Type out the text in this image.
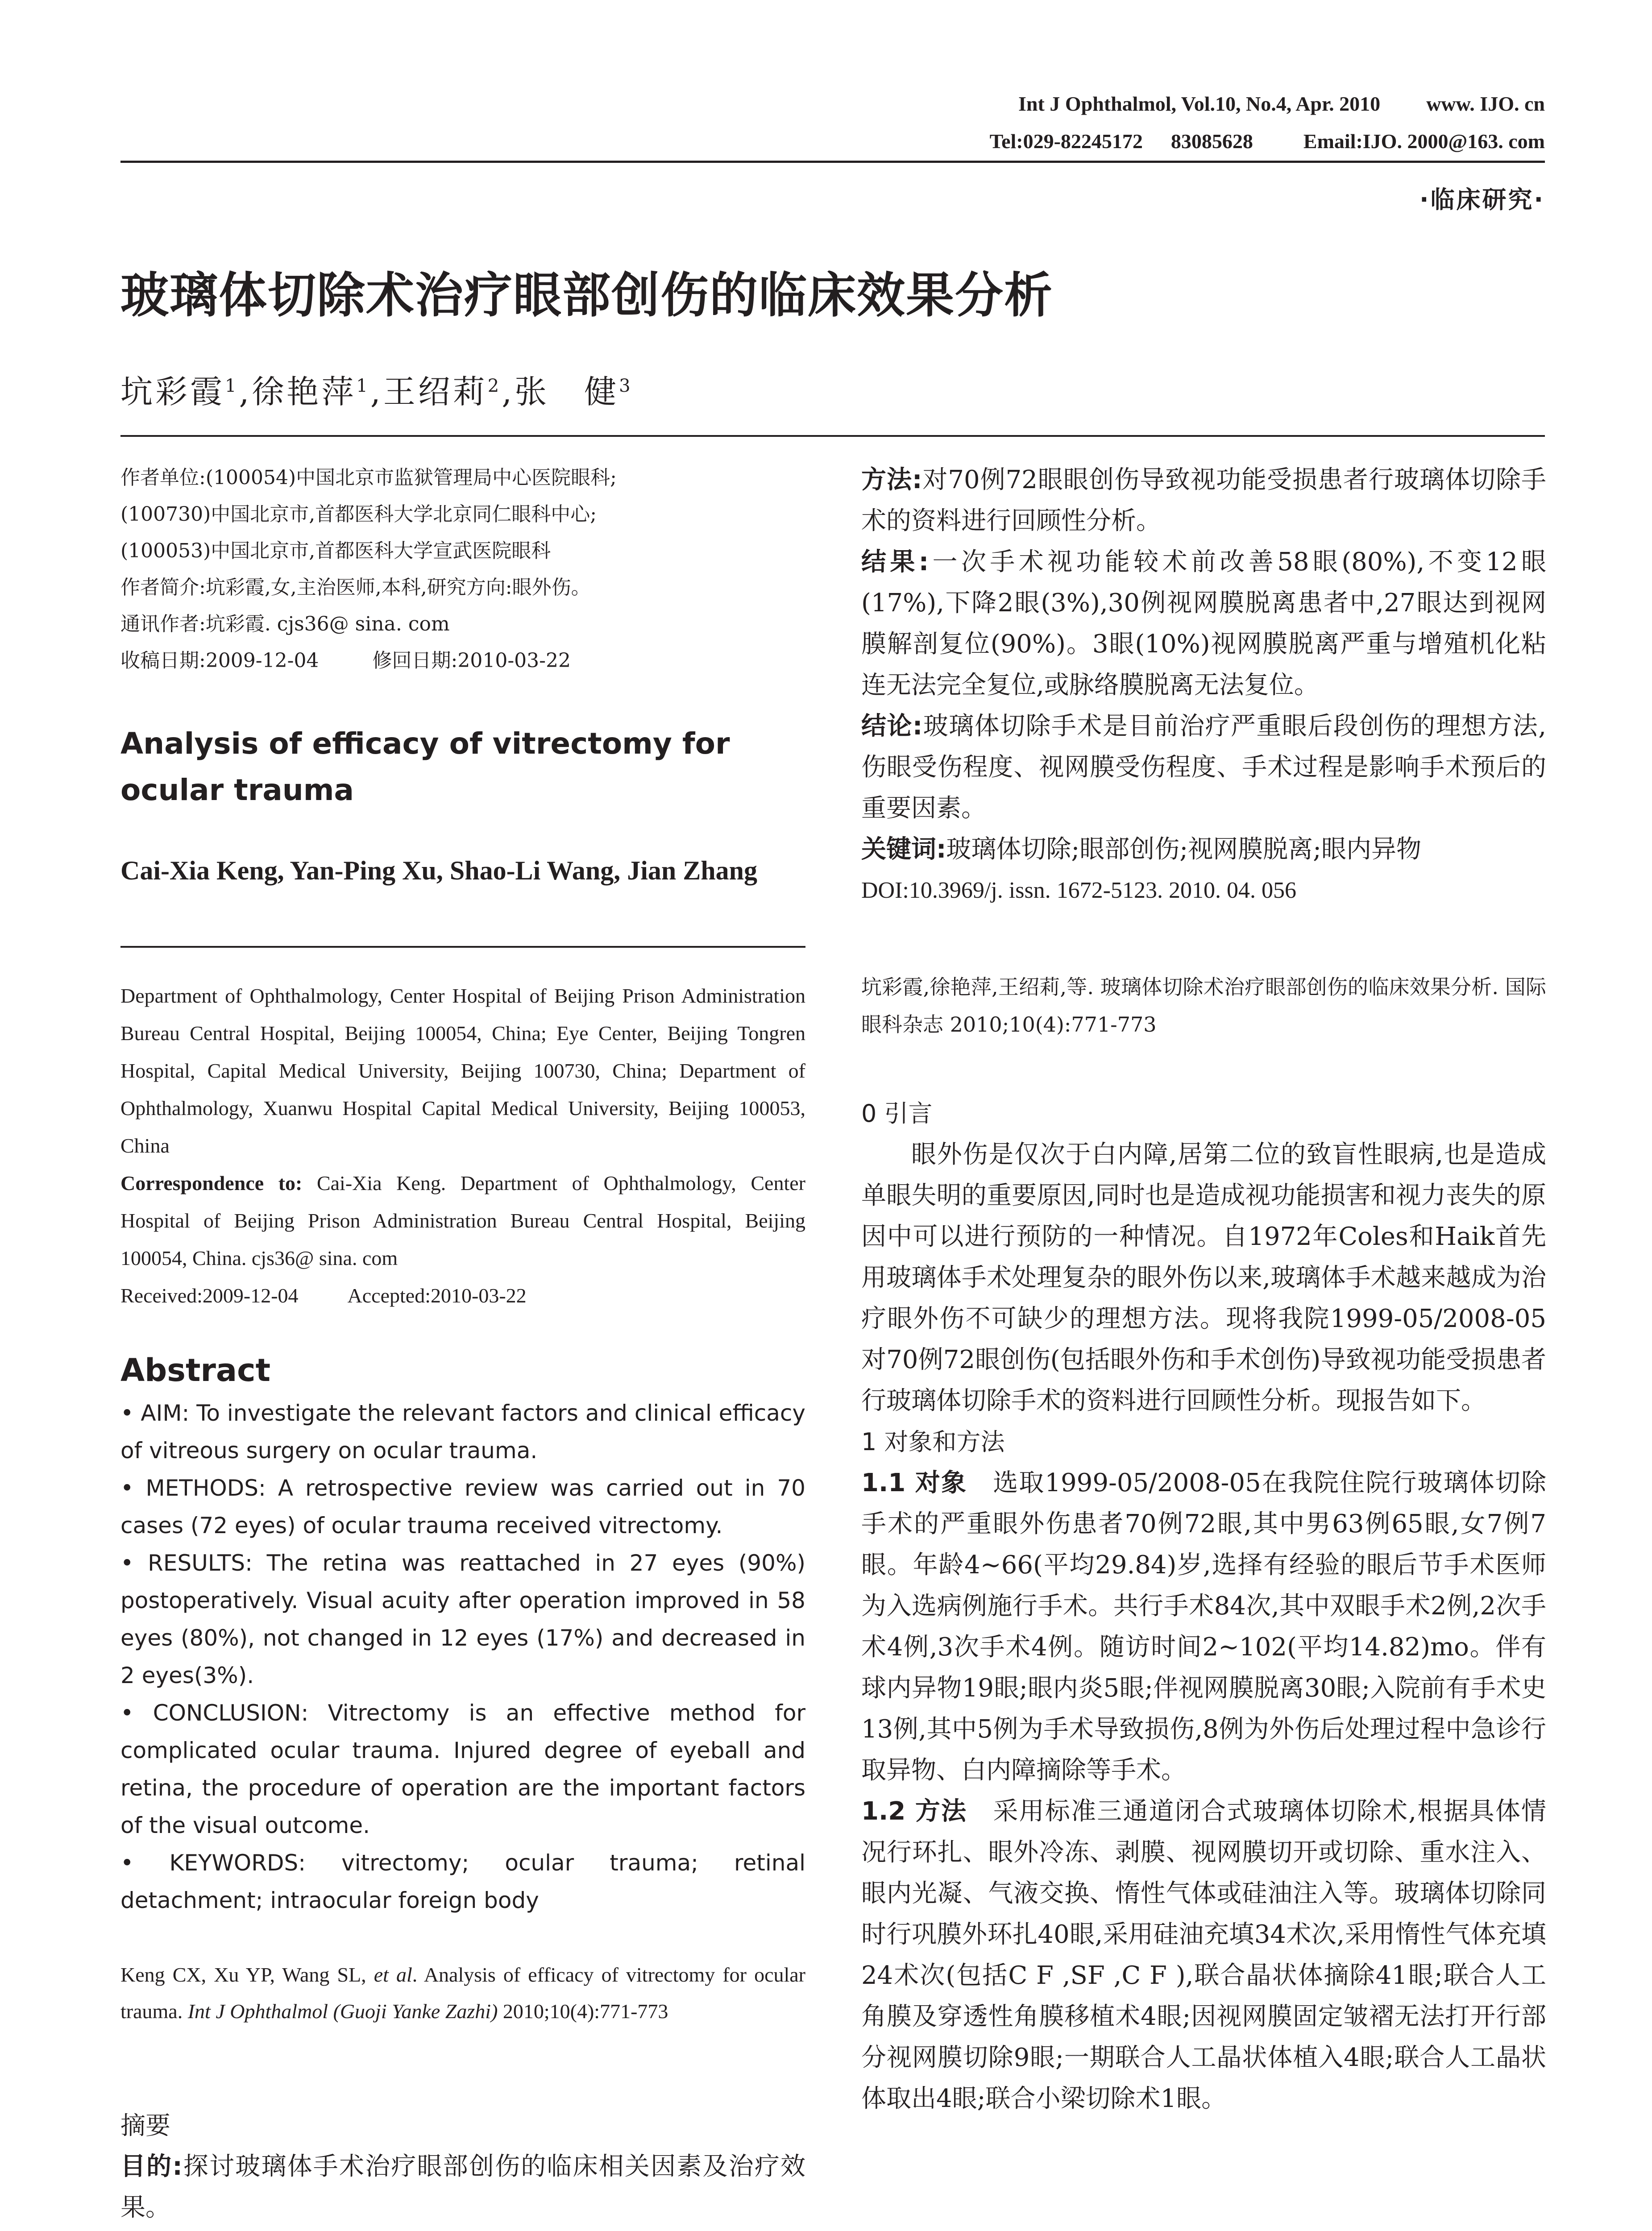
Int J Ophthalmol, Vol.10, No.4, Apr. 2010 www. IJO. cn
Tel:029-82245172 83085628 Email:IJO. 2000@163. com
·临床研究·
玻璃体切除术治疗眼部创伤的临床效果分析
坑彩霞$^1$,徐艳萍$^1$,王绍莉$^2$,张　健$^3$

作者单位:(100054)中国北京市监狱管理局中心医院眼科;

(100730)中国北京市,首都医科大学北京同仁眼科中心;

(100053)中国北京市,首都医科大学宣武医院眼科

作者简介:坑彩霞,女,主治医师,本科,研究方向:眼外伤。

通讯作者:坑彩霞. cjs36@ sina. com

收稿日期:2009-12-04	修回日期:2010-03-22

Analysis of efficacy of vitrectomy for ocular trauma
Cai-Xia Keng, Yan-Ping Xu, Shao-Li Wang, Jian Zhang

Department of Ophthalmology, Center Hospital of Beijing Prison Administration Bureau Central Hospital, Beijing 100054, China; Eye Center, Beijing Tongren Hospital, Capital Medical University, Beijing 100730, China; Department of Ophthalmology, Xuanwu Hospital Capital Medical University, Beijing 100053, China

Correspondence to: Cai-Xia Keng. Department of Ophthalmology, Center Hospital of Beijing Prison Administration Bureau Central Hospital, Beijing 100054, China. cjs36@ sina. com

Received:2009-12-04 Accepted:2010-03-22

Abstract

• AIM: To investigate the relevant factors and clinical efficacy of vitreous surgery on ocular trauma.

• METHODS: A retrospective review was carried out in 70 cases (72 eyes) of ocular trauma received vitrectomy.

• RESULTS: The retina was reattached in 27 eyes (90%) postoperatively. Visual acuity after operation improved in 58 eyes (80%), not changed in 12 eyes (17%) and decreased in 2 eyes(3%).

• CONCLUSION: Vitrectomy is an effective method for complicated ocular trauma. Injured degree of eyeball and retina, the procedure of operation are the important factors of the visual outcome.

• KEYWORDS: vitrectomy; ocular trauma; retinal detachment; intraocular foreign body

Keng CX, Xu YP, Wang SL, et al. Analysis of efficacy of vitrectomy for ocular trauma. Int J Ophthalmol (Guoji Yanke Zazhi) 2010;10(4):771-773

摘要

目的:探讨玻璃体手术治疗眼部创伤的临床相关因素及治疗效果。

方法:对70例72眼眼创伤导致视功能受损患者行玻璃体切除手术的资料进行回顾性分析。

结果:一次手术视功能较术前改善58眼(80%),不变12眼(17%),下降2眼(3%),30例视网膜脱离患者中,27眼达到视网膜解剖复位(90%)。3眼(10%)视网膜脱离严重与增殖机化粘连无法完全复位,或脉络膜脱离无法复位。

结论:玻璃体切除手术是目前治疗严重眼后段创伤的理想方法,伤眼受伤程度、视网膜受伤程度、手术过程是影响手术预后的重要因素。

关键词:玻璃体切除;眼部创伤;视网膜脱离;眼内异物

DOI:10.3969/j. issn. 1672-5123. 2010. 04. 056

坑彩霞,徐艳萍,王绍莉,等. 玻璃体切除术治疗眼部创伤的临床效果分析. 国际眼科杂志 2010;10(4):771-773

0 引言

眼外伤是仅次于白内障,居第二位的致盲性眼病,也是造成单眼失明的重要原因,同时也是造成视功能损害和视力丧失的原因中可以进行预防的一种情况。自1972年Coles和Haik首先用玻璃体手术处理复杂的眼外伤以来,玻璃体手术越来越成为治疗眼外伤不可缺少的理想方法。现将我院1999-05/2008-05对70例72眼创伤(包括眼外伤和手术创伤)导致视功能受损患者行玻璃体切除手术的资料进行回顾性分析。现报告如下。

1 对象和方法

1.1 对象　 选取1999-05/2008-05在我院住院行玻璃体切除手术的严重眼外伤患者70例72眼,其中男63例65眼,女7例7眼。年龄4~66(平均29.84)岁,选择有经验的眼后节手术医师为入选病例施行手术。共行手术84次,其中双眼手术2例,2次手术4例,3次手术4例。随访时间2~102(平均14.82)mo。伴有球内异物19眼;眼内炎5眼;伴视网膜脱离30眼;入院前有手术史13例,其中5例为手术导致损伤,8例为外伤后处理过程中急诊行取异物、白内障摘除等手术。

1.2 方法　 采用标准三通道闭合式玻璃体切除术,根据具体情况行环扎、眼外冷冻、剥膜、视网膜切开或切除、重水注入、眼内光凝、气液交换、惰性气体或硅油注入等。玻璃体切除同时行巩膜外环扎40眼,采用硅油充填34术次,采用惰性气体充填24术次(包括C F ,SF ,C F ),联合晶状体摘除41眼;联合人工角膜及穿透性角膜移植术4眼;因视网膜固定皱褶无法打开行部分视网膜切除9眼;一期联合人工晶状体植入4眼;联合人工晶状体取出4眼;联合小梁切除术1眼。
